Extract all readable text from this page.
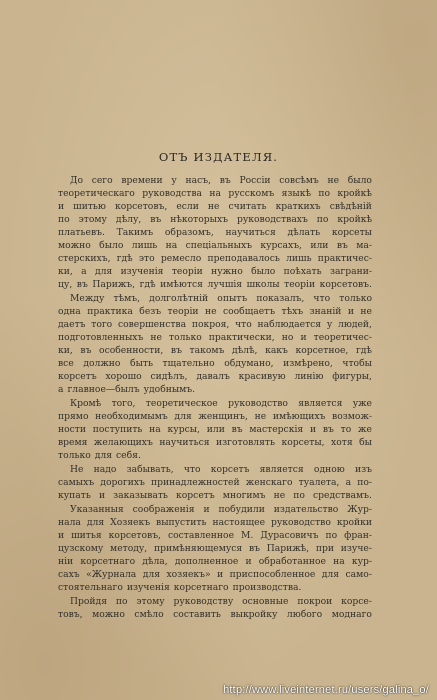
ОТЪ ИЗДАТЕЛЯ.
До сего времени у насъ, въ Россіи совсѣмъ не было
теоретическаго руководства на русскомъ языкѣ по кройкѣ
и шитью корсетовъ, если не считать краткихъ свѣдѣній
по этому дѣлу, въ нѣкоторыхъ руководствахъ по кройкѣ
платьевъ. Такимъ образомъ, научиться дѣлать корсеты
можно было лишь на спеціальныхъ курсахъ, или въ ма-
стерскихъ, гдѣ это ремесло преподавалось лишь практичес-
ки, а для изученія теоріи нужно было поѣхать заграни-
цу, въ Парижъ, гдѣ имѣются лучшія школы теоріи корсетовъ.
Между тѣмъ, долголѣтній опытъ показалъ, что только
одна практика безъ теоріи не сообщаетъ тѣхъ знаній и не
даетъ того совершенства покроя, что наблюдается у людей,
подготовленныхъ не только практически, но и теоретичес-
ки, въ особенности, въ такомъ дѣлѣ, какъ корсетное, гдѣ
все должно быть тщательно обдумано, измѣрено, чтобы
корсетъ хорошо сидѣлъ, давалъ красивую линію фигуры,
а главное—былъ удобнымъ.
Кромѣ того, теоретическое руководство является уже
прямо необходимымъ для женщинъ, не имѣющихъ возмож-
ности поступить на курсы, или въ мастерскія и въ то же
время желающихъ научиться изготовлять корсеты, хотя бы
только для себя.
Не надо забывать, что корсетъ является одною изъ
самыхъ дорогихъ принадлежностей женскаго туалета, а по-
купать и заказывать корсетъ многимъ не по средствамъ.
Указанныя соображенія и побудили издательство Жур-
нала для Хозяекъ выпустить настоящее руководство кройки
и шитья корсетовъ, составленное М. Дурасовичъ по фран-
цузскому методу, примѣняющемуся въ Парижѣ, при изуче-
ніи корсетнаго дѣла, дополненное и обработанное на кур-
сахъ «Журнала для хозяекъ» и приспособленное для само-
стоятельнаго изученія корсетнаго производства.
Пройдя по этому руководству основные покрои корсе-
товъ, можно смѣло составить выкройку любого моднаго
http://www.liveinternet.ru/users/galina_o/
